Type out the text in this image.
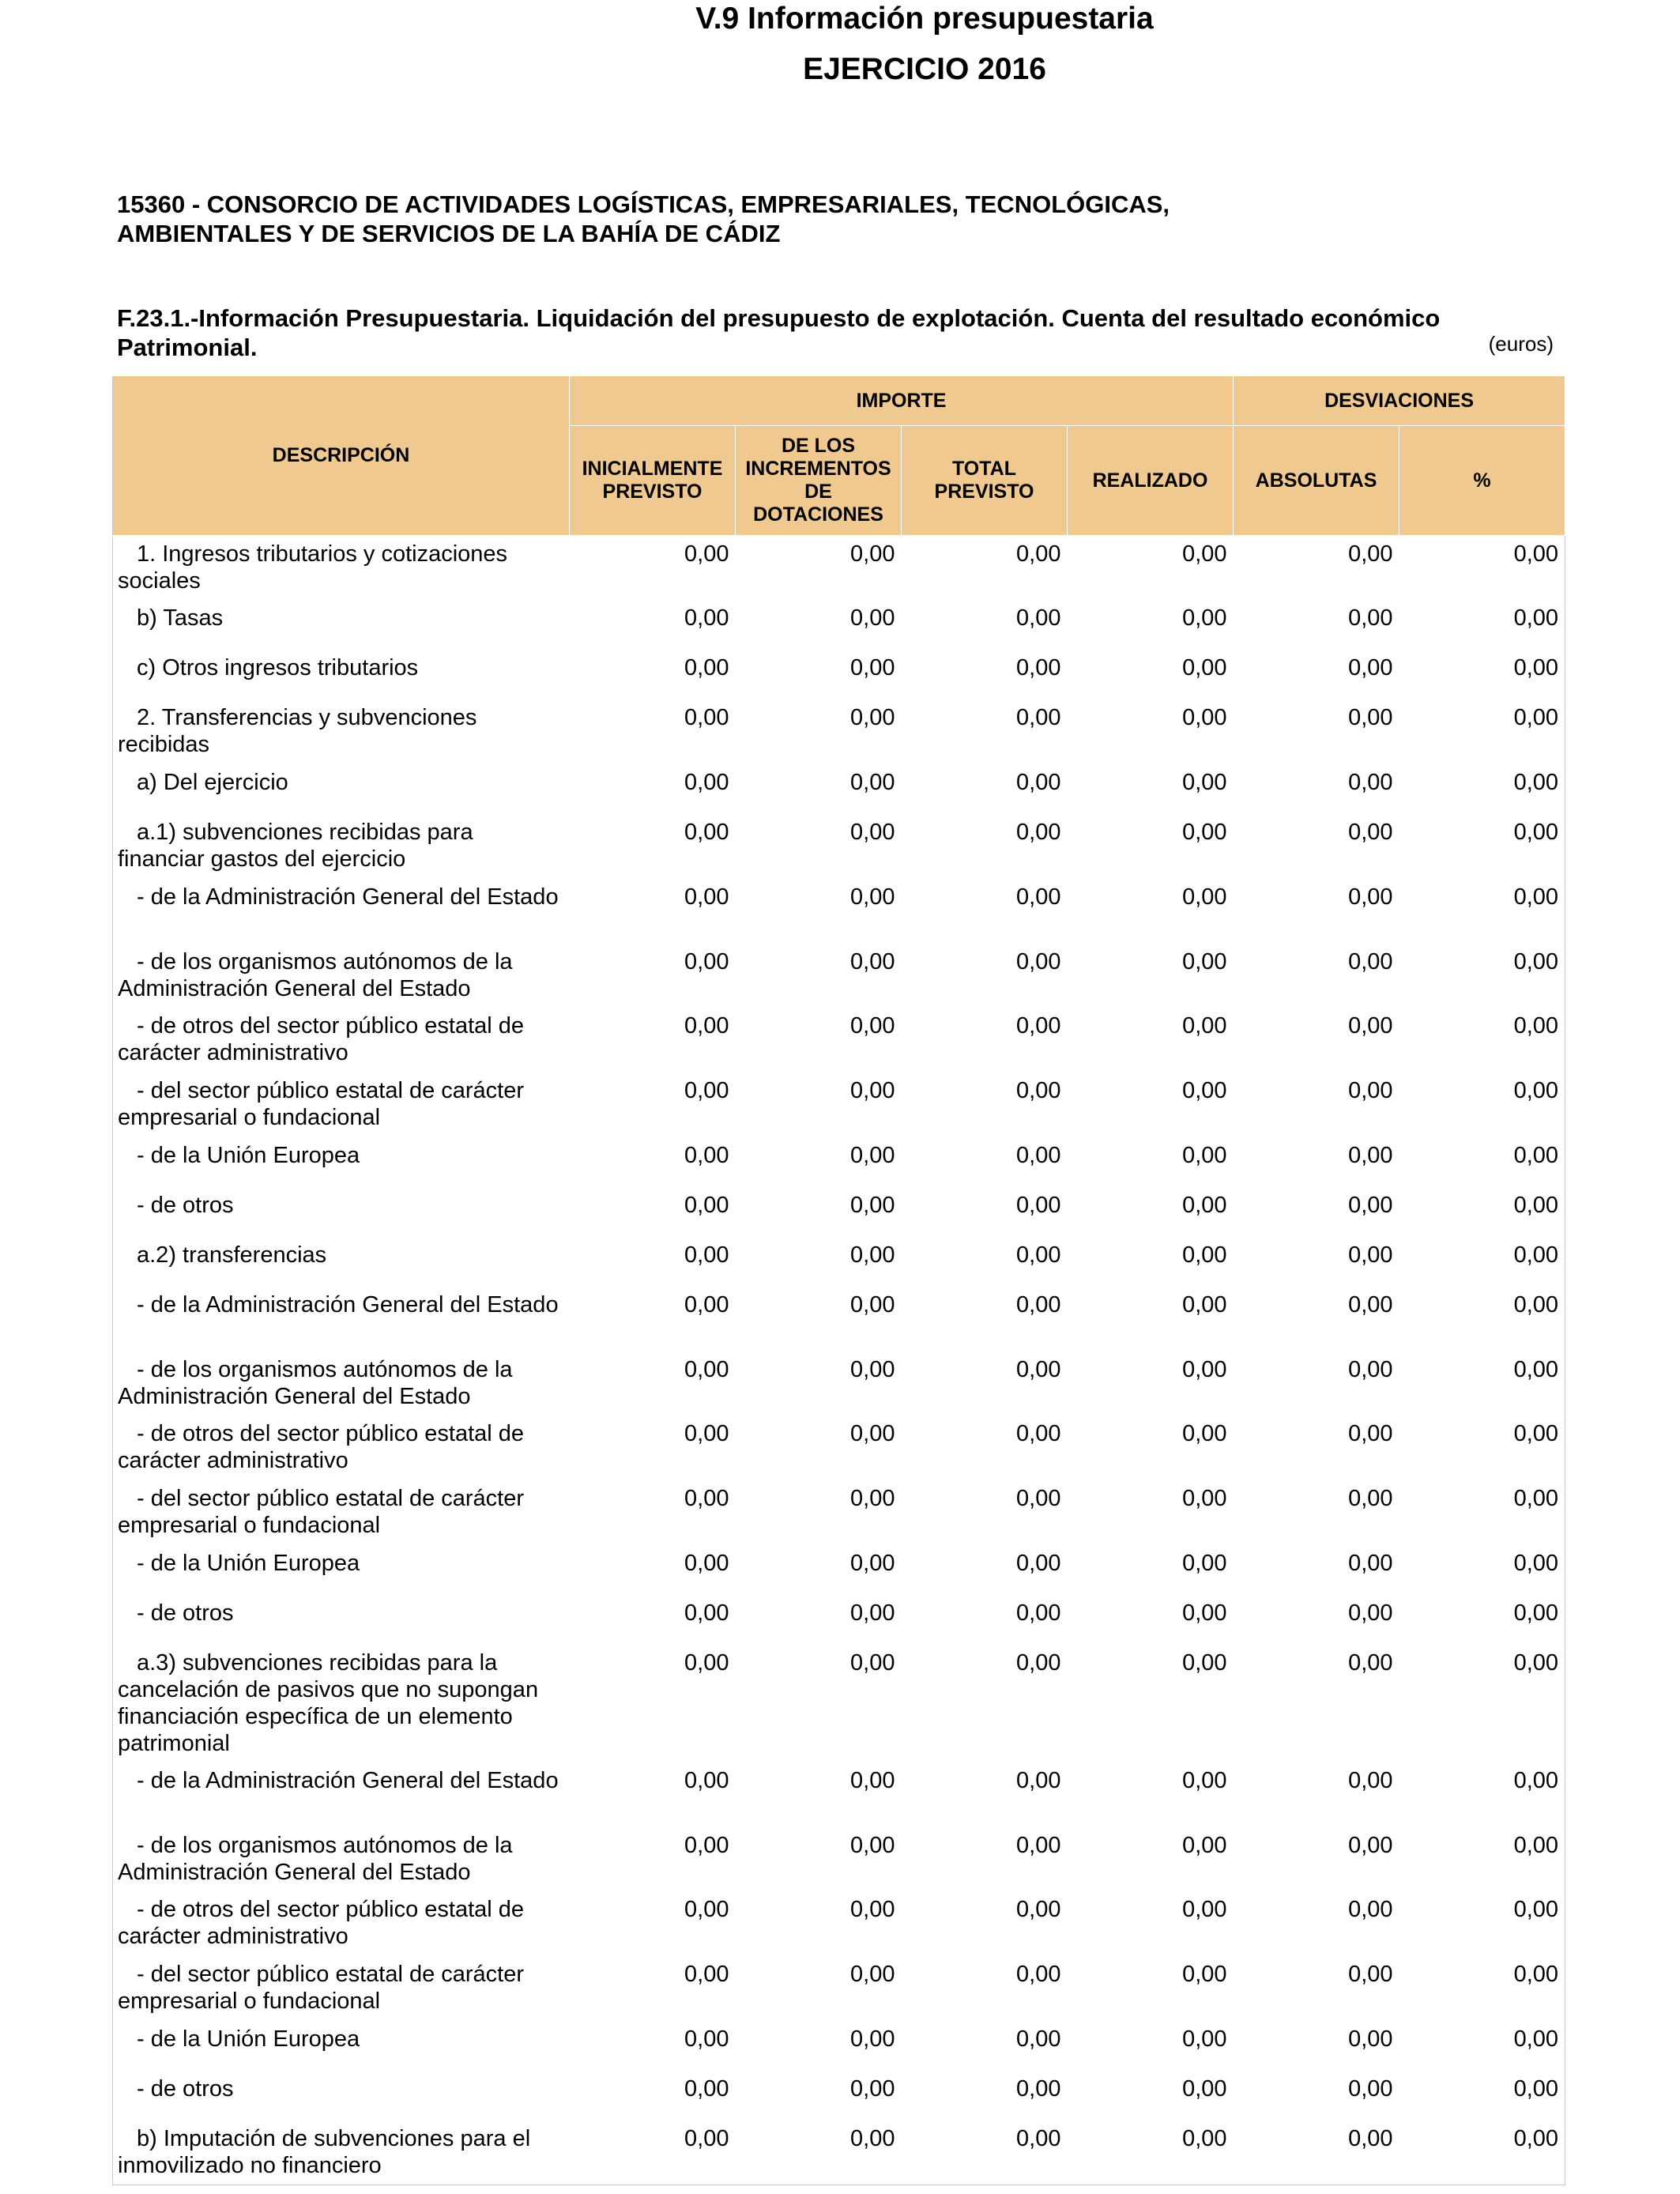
V.9 Información presupuestaria
EJERCICIO 2016
15360 - CONSORCIO DE ACTIVIDADES LOGÍSTICAS, EMPRESARIALES, TECNOLÓGICAS,
AMBIENTALES Y DE SERVICIOS DE LA BAHÍA DE CÁDIZ
F.23.1.-Información Presupuestaria. Liquidación del presupuesto de explotación. Cuenta del resultado económico
Patrimonial.	(euros)
DESCRIPCIÓN	IMPORTE				DESVIACIONES	
	INICIALMENTE PREVISTO	DE LOS INCREMENTOS DE DOTACIONES	TOTAL PREVISTO	REALIZADO	ABSOLUTAS	%
1. Ingresos tributarios y cotizaciones sociales	0,00	0,00	0,00	0,00	0,00	0,00
b) Tasas	0,00	0,00	0,00	0,00	0,00	0,00
c) Otros ingresos tributarios	0,00	0,00	0,00	0,00	0,00	0,00
2. Transferencias y subvenciones recibidas	0,00	0,00	0,00	0,00	0,00	0,00
a) Del ejercicio	0,00	0,00	0,00	0,00	0,00	0,00
a.1) subvenciones recibidas para financiar gastos del ejercicio	0,00	0,00	0,00	0,00	0,00	0,00
- de la Administración General del Estado	0,00	0,00	0,00	0,00	0,00	0,00
- de los organismos autónomos de la Administración General del Estado	0,00	0,00	0,00	0,00	0,00	0,00
- de otros del sector público estatal de carácter administrativo	0,00	0,00	0,00	0,00	0,00	0,00
- del sector público estatal de carácter empresarial o fundacional	0,00	0,00	0,00	0,00	0,00	0,00
- de la Unión Europea	0,00	0,00	0,00	0,00	0,00	0,00
- de otros	0,00	0,00	0,00	0,00	0,00	0,00
a.2) transferencias	0,00	0,00	0,00	0,00	0,00	0,00
- de la Administración General del Estado	0,00	0,00	0,00	0,00	0,00	0,00
- de los organismos autónomos de la Administración General del Estado	0,00	0,00	0,00	0,00	0,00	0,00
- de otros del sector público estatal de carácter administrativo	0,00	0,00	0,00	0,00	0,00	0,00
- del sector público estatal de carácter empresarial o fundacional	0,00	0,00	0,00	0,00	0,00	0,00
- de la Unión Europea	0,00	0,00	0,00	0,00	0,00	0,00
- de otros	0,00	0,00	0,00	0,00	0,00	0,00
a.3) subvenciones recibidas para la cancelación de pasivos que no supongan financiación específica de un elemento patrimonial	0,00	0,00	0,00	0,00	0,00	0,00
- de la Administración General del Estado	0,00	0,00	0,00	0,00	0,00	0,00
- de los organismos autónomos de la Administración General del Estado	0,00	0,00	0,00	0,00	0,00	0,00
- de otros del sector público estatal de carácter administrativo	0,00	0,00	0,00	0,00	0,00	0,00
- del sector público estatal de carácter empresarial o fundacional	0,00	0,00	0,00	0,00	0,00	0,00
- de la Unión Europea	0,00	0,00	0,00	0,00	0,00	0,00
- de otros	0,00	0,00	0,00	0,00	0,00	0,00
b) Imputación de subvenciones para el inmovilizado no financiero	0,00	0,00	0,00	0,00	0,00	0,00
